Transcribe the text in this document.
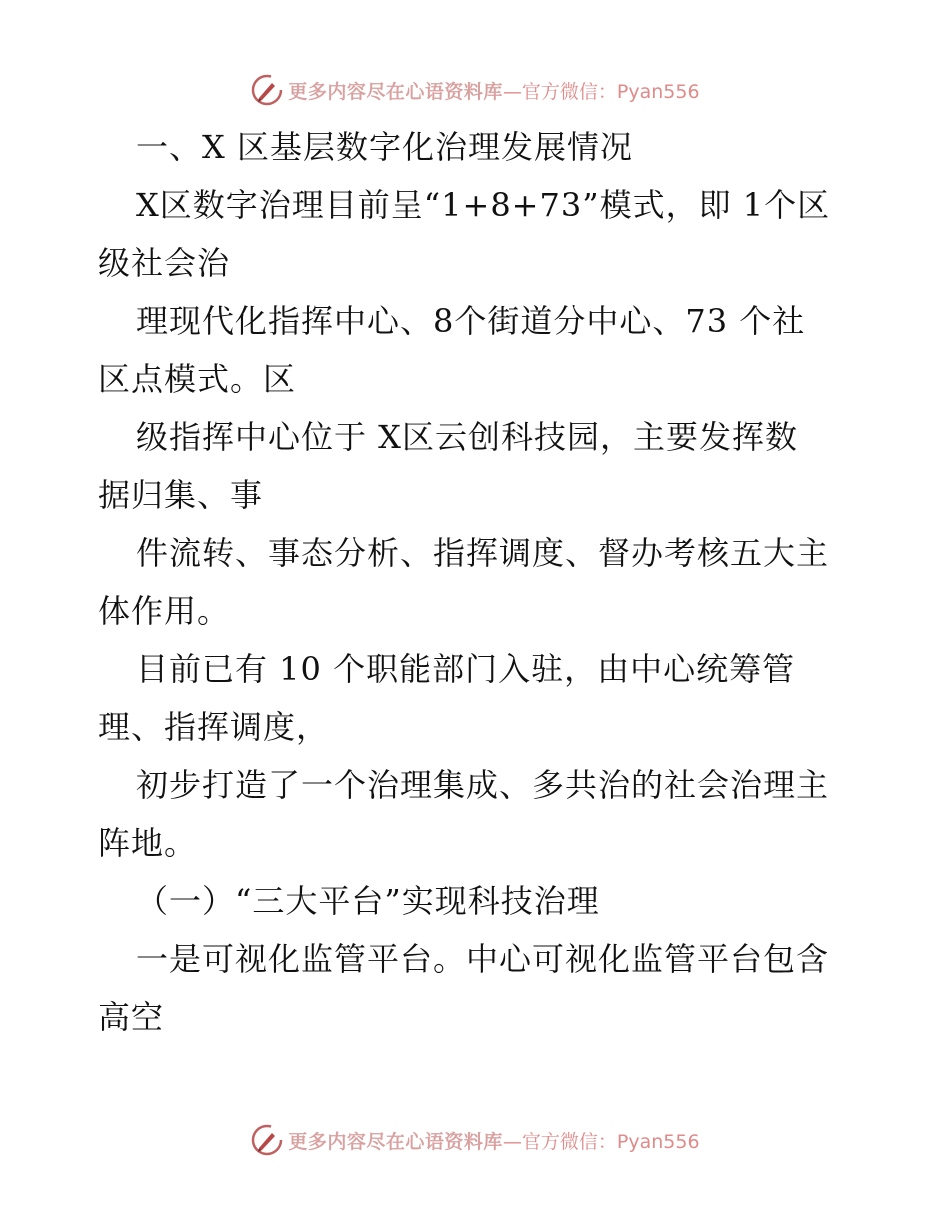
更多内容尽在心语资料库 —官方微信：Pyan556
一、X 区基层数字化治理发展情况
X区数字治理目前呈“1+8+73”模式，即 1个区
级社会治
理现代化指挥中心、8个街道分中心、73 个社
区点模式。区
级指挥中心位于 X区云创科技园，主要发挥数
据归集、事
件流转、事态分析、指挥调度、督办考核五大主
体作用。
目前已有 10 个职能部门入驻，由中心统筹管
理、指挥调度，
初步打造了一个治理集成、多共治的社会治理主
阵地。
（一）“三大平台”实现科技治理
一是可视化监管平台。中心可视化监管平台包含
高空
更多内容尽在心语资料库 —官方微信：Pyan556
